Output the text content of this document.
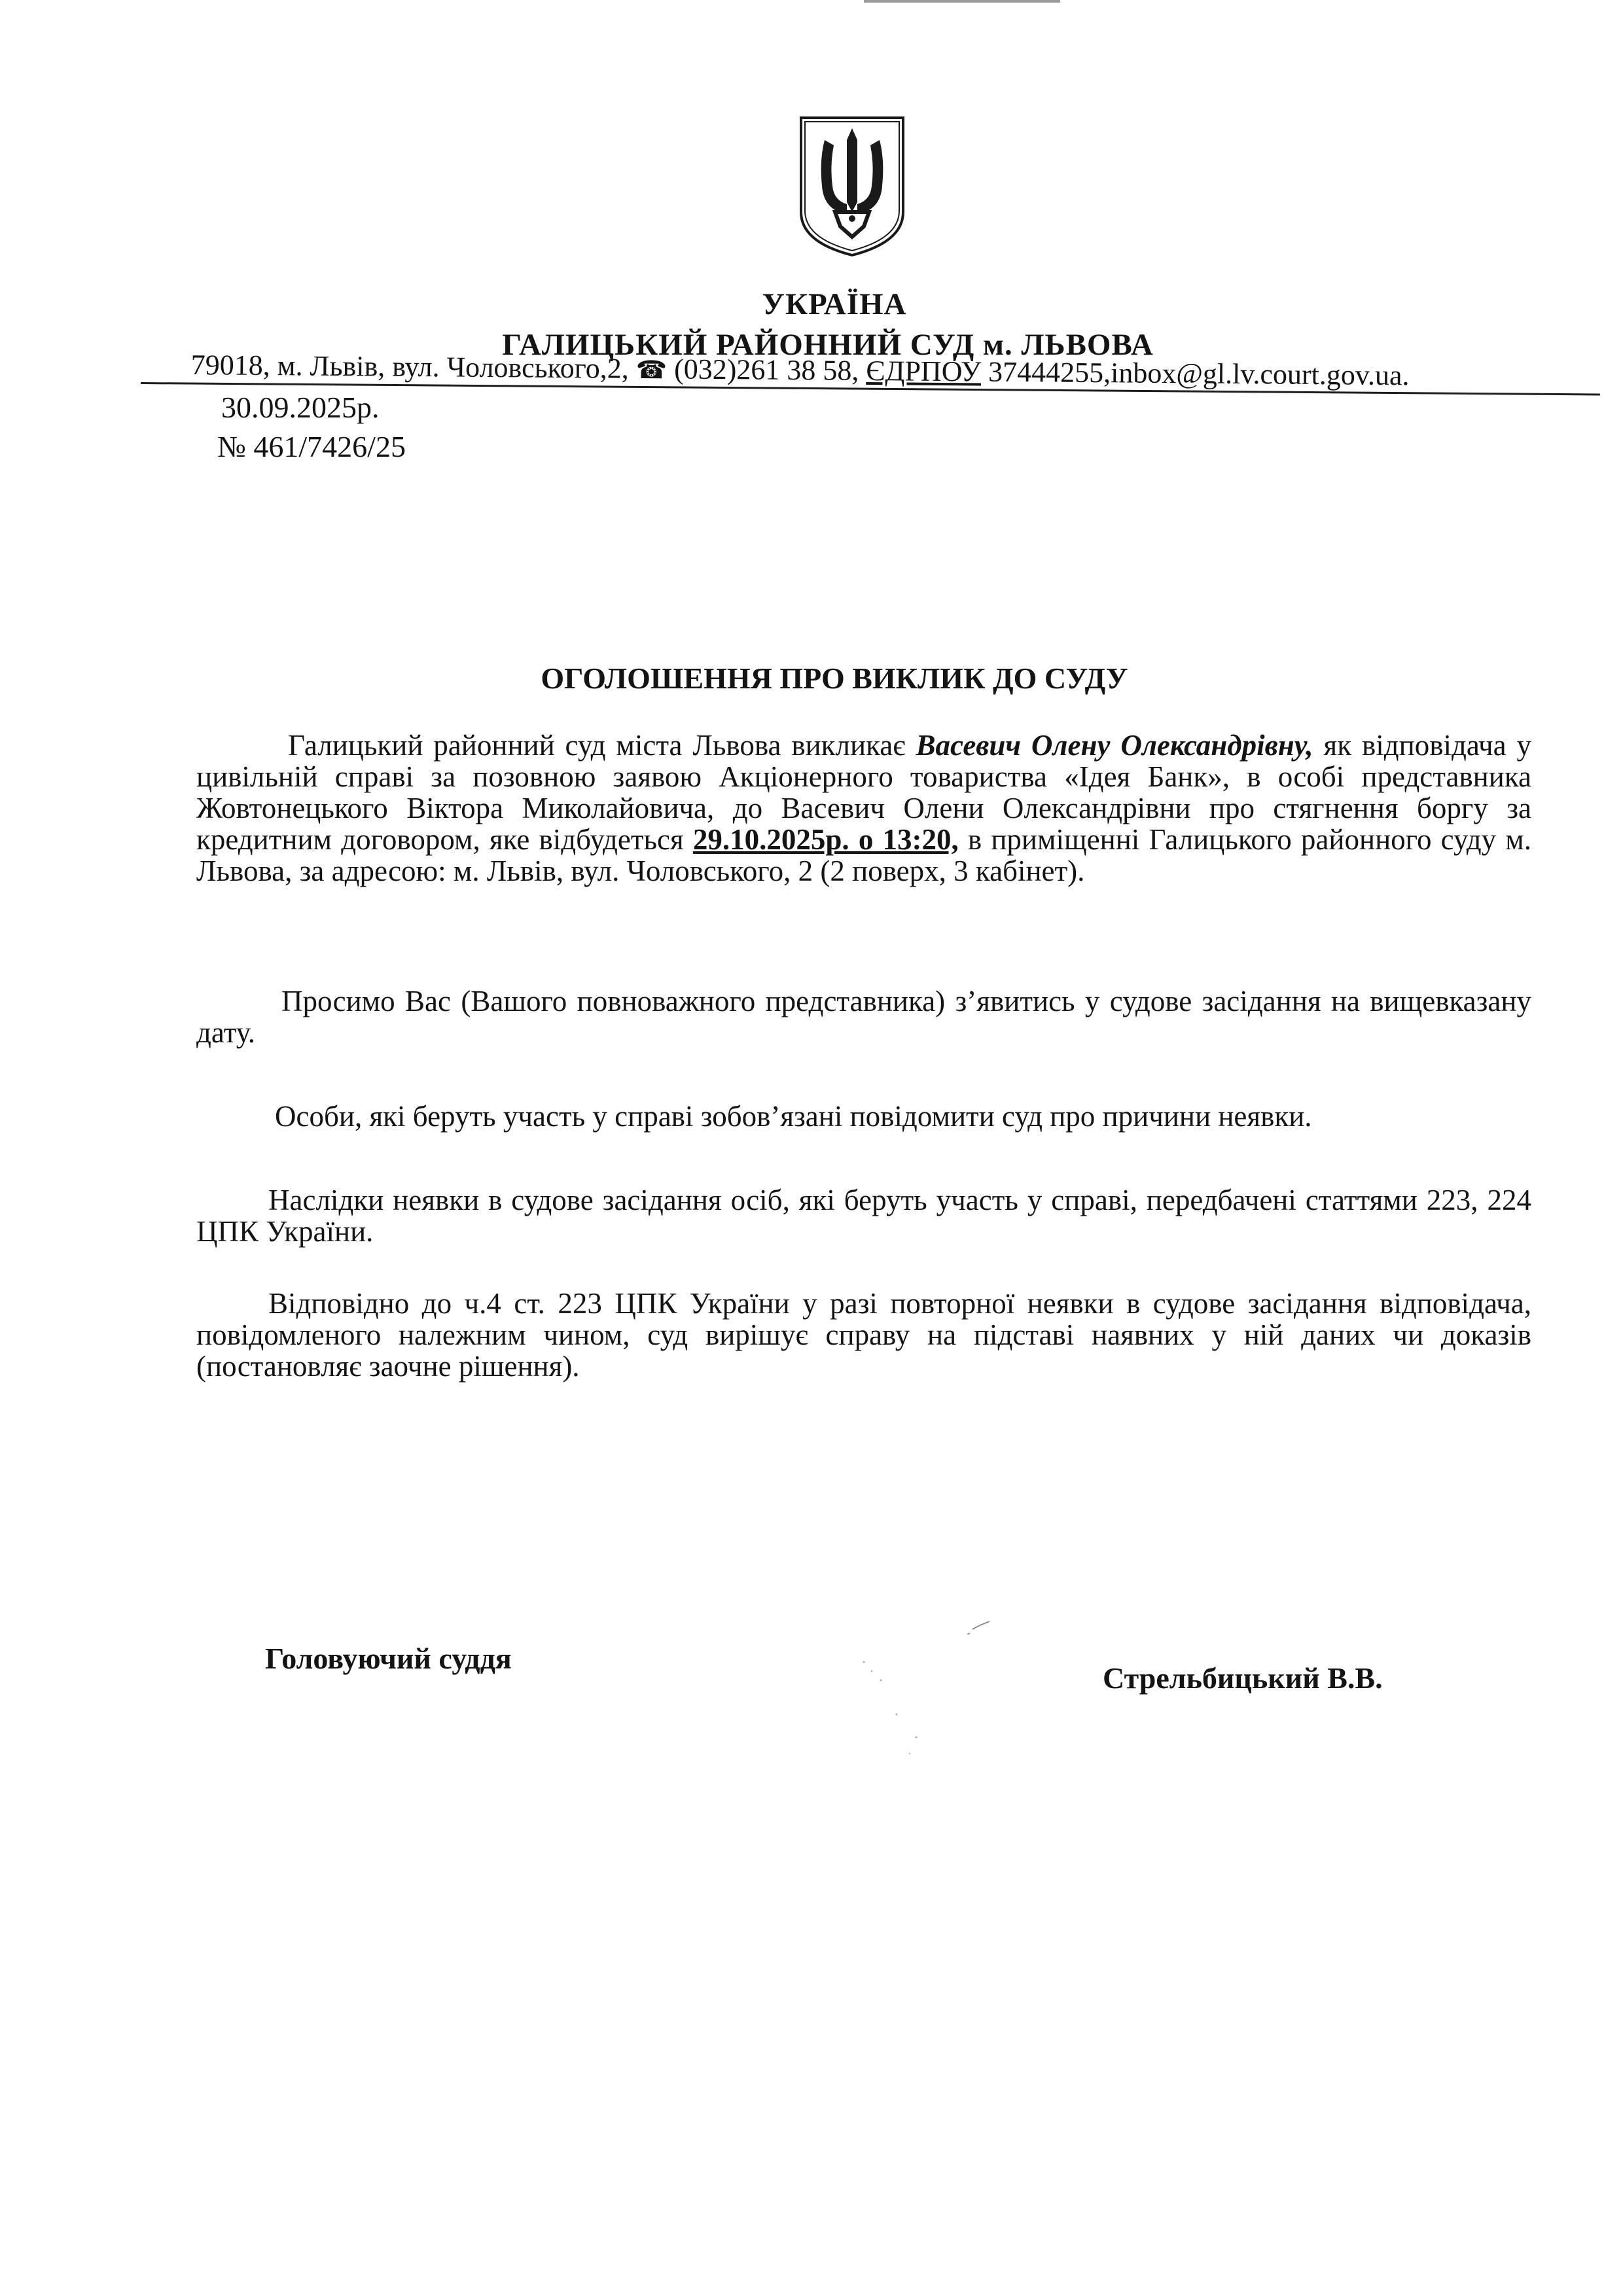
УКРАЇНА
ГАЛИЦЬКИЙ РАЙОННИЙ СУД м. ЛЬВОВА
79018, м. Львів, вул. Чоловського,2, ☎ (032)261 38 58, ЄДРПОУ 37444255,inbox@gl.lv.court.gov.ua.
30.09.2025р.
№ 461/7426/25
ОГОЛОШЕННЯ ПРО ВИКЛИК ДО СУДУ
Галицький районний суд міста Львова викликає Васевич Олену Олександрівну, як відповідача у цивільній справі за позовною заявою Акціонерного товариства «Ідея Банк», в особі представника Жовтонецького Віктора Миколайовича, до Васевич Олени Олександрівни про стягнення боргу за кредитним договором, яке відбудеться 29.10.2025р. о 13:20, в приміщенні Галицького районного суду м. Львова, за адресою: м. Львів, вул. Чоловського, 2 (2 поверх, 3 кабінет).
Просимо Вас (Вашого повноважного представника) з’явитись у судове засідання на вищевказану дату.
Особи, які беруть участь у справі зобов’язані повідомити суд про причини неявки.
Наслідки неявки в судове засідання осіб, які беруть участь у справі, передбачені статтями 223, 224 ЦПК України.
Відповідно до ч.4 ст. 223 ЦПК України у разі повторної неявки в судове засідання відповідача, повідомленого належним чином, суд вирішує справу на підставі наявних у ній даних чи доказів (постановляє заочне рішення).
Головуючий суддя
Стрельбицький В.В.
